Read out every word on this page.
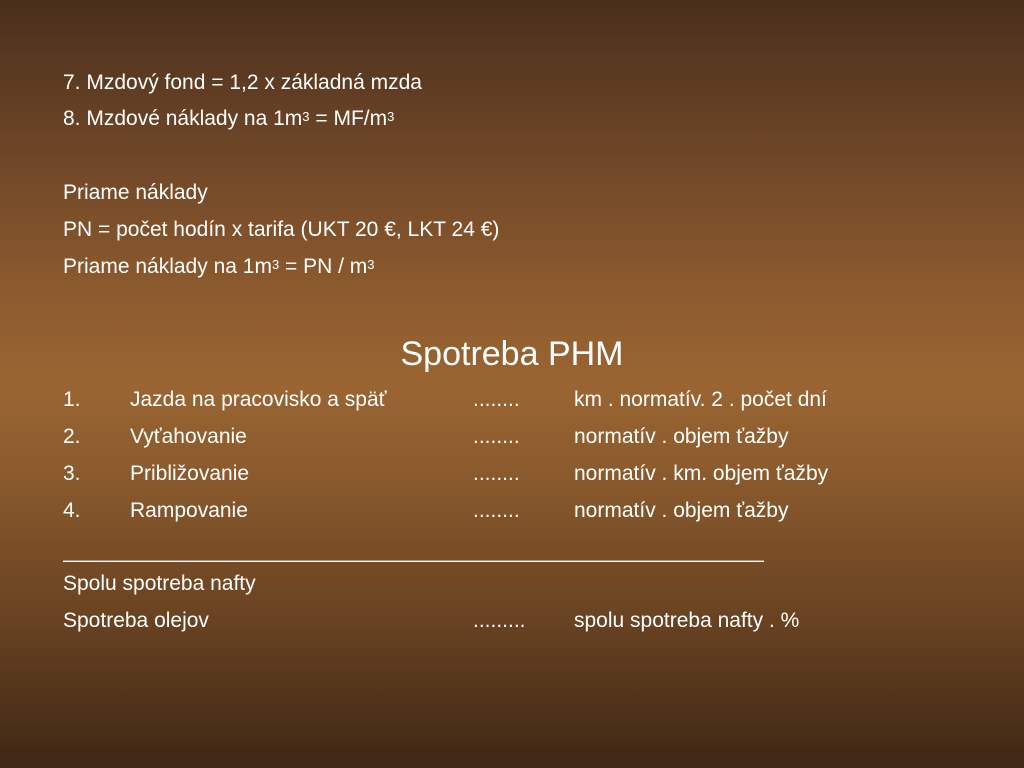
7. Mzdový fond = 1,2 x základná mzda
8. Mzdové náklady na $1m^3 = MF/m^3$
Priame náklady
PN = počet hodín x tarifa (UKT 20 €, LKT 24 €)
Priame náklady na $1m^3$ = PN / $m^3$
Spotreba PHM
1. Jazda na pracovisko a späť	........	km . normatív. 2 . počet dní
2. Vyťahovanie	........	normatív . objem ťažby
3. Približovanie	........	normatív . km. objem ťažby
4. Rampovanie	........	normatív . objem ťažby
____________________________________________________________
Spolu spotreba nafty
Spotreba olejov	......... spolu spotreba nafty . %
